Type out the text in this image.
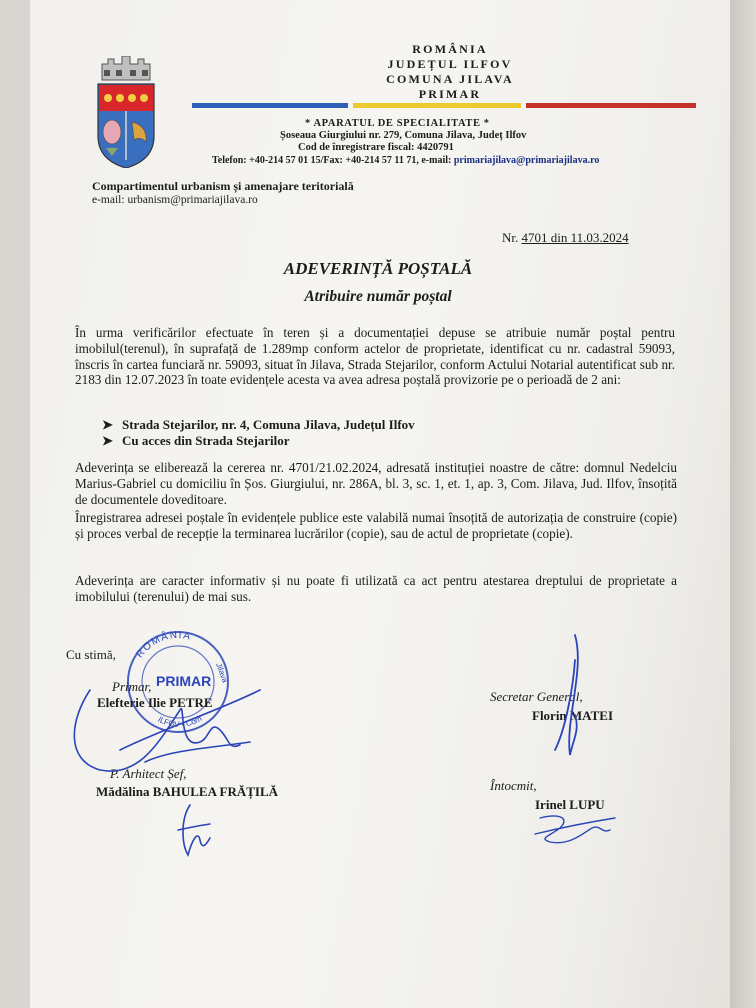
ROMÂNIA
JUDEȚUL ILFOV
COMUNA JILAVA
PRIMAR
* APARATUL DE SPECIALITATE *
Șoseaua Giurgiului nr. 279, Comuna Jilava, Județ Ilfov
Cod de înregistrare fiscal: 4420791
Telefon: +40-214 57 01 15/Fax: +40-214 57 11 71, e-mail: primariajilava@primariajilava.ro
Compartimentul urbanism și amenajare teritorială
e-mail: urbanism@primariajilava.ro
Nr. 4701 din 11.03.2024
ADEVERINȚĂ POȘTALĂ
Atribuire număr poștal
În urma verificărilor efectuate în teren și a documentației depuse se atribuie număr poștal pentru imobilul(terenul), în suprafață de 1.289mp conform actelor de proprietate, identificat cu nr. cadastral 59093, înscris în cartea funciară nr. 59093, situat în Jilava, Strada Stejarilor, conform Actului Notarial autentificat sub nr. 2183 din 12.07.2023 în toate evidențele acesta va avea adresa poștală provizorie pe o perioadă de 2 ani:
➤ Strada Stejarilor, nr. 4, Comuna Jilava, Județul Ilfov
➤ Cu acces din Strada Stejarilor
Adeverința se eliberează la cererea nr. 4701/21.02.2024, adresată instituției noastre de către: domnul Nedelciu Marius-Gabriel cu domiciliu în Șos. Giurgiului, nr. 286A, bl. 3, sc. 1, et. 1, ap. 3, Com. Jilava, Jud. Ilfov, însoțită de documentele doveditoare.
Înregistrarea adresei poștale în evidențele publice este valabilă numai însoțită de autorizația de construire (copie) și proces verbal de recepție la terminarea lucrărilor (copie), sau de actul de proprietate (copie).
Adeverința are caracter informativ și nu poate fi utilizată ca act pentru atestarea dreptului de proprietate a imobilului (terenului) de mai sus.
ROMÂNIA
PRIMAR Jilava
ILFOV • Com
Cu stimă,
Primar,
Elefterie Ilie PETRE	Secretar General,
Florin MATEI
P. Arhitect Șef,
Mădălina BAHULEA FRĂȚILĂ	Întocmit,
Irinel LUPU
